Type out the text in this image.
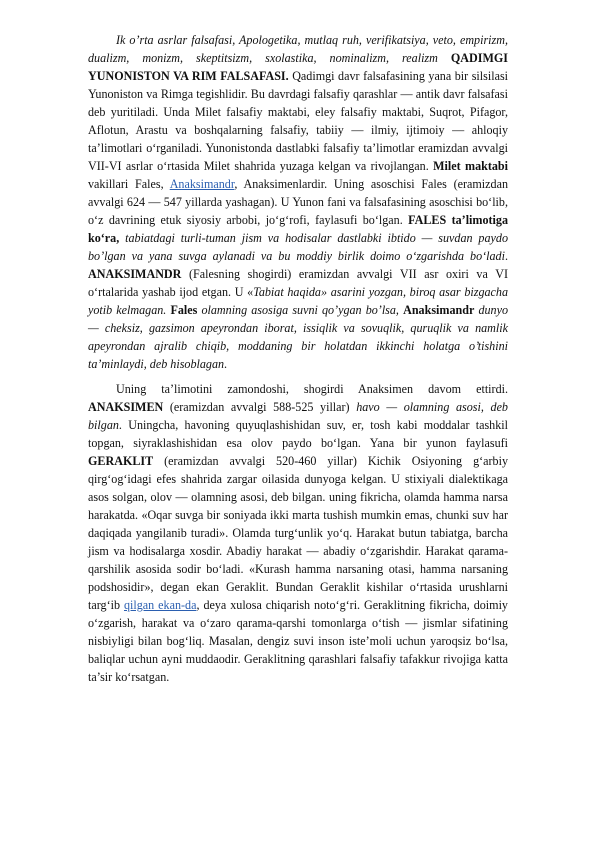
Ik o’rta asrlar falsafasi, Apologetika, mutlaq ruh, verifikatsiya, veto, empirizm, dualizm, monizm, skeptitsizm, sxolastika, nominalizm, realizm QADIMGI YUNONISTON VA RIM FALSAFASI. Qadimgi davr falsafasining yana bir silsilasi Yunoniston va Rimga tegishlidir. Bu davrdagi falsafiy qarashlar — antik davr falsafasi deb yuritiladi. Unda Milet falsafiy maktabi, eley falsafiy maktabi, Suqrot, Pifagor, Aflotun, Arastu va boshqalarning falsafiy, tabiiy — ilmiy, ijtimoiy — ahloqiy ta’limotlari o‘rganiladi. Yunonistonda dastlabki falsafiy ta’limotlar eramizdan avvalgi VII-VI asrlar o‘rtasida Milet shahrida yuzaga kelgan va rivojlangan. Milet maktabi vakillari Fales, Anaksimandr, Anaksimenlardir. Uning asoschisi Fales (eramizdan avvalgi 624 — 547 yillarda yashagan). U Yunon fani va falsafasining asoschisi bo‘lib, o‘z davrining etuk siyosiy arbobi, jo‘g‘rofi, faylasufi bo‘lgan. FALES ta’limotiga ko‘ra, tabiatdagi turli-tuman jism va hodisalar dastlabki ibtido — suvdan paydo bo’lgan va yana suvga aylanadi va bu moddiy birlik doimo o‘zgarishda bo‘ladi. ANAKSIMANDR (Falesning shogirdi) eramizdan avvalgi VII asr oxiri va VI o‘rtalarida yashab ijod etgan. U «Tabiat haqida» asarini yozgan, biroq asar bizgacha yotib kelmagan. Fales olamning asosiga suvni qo’ygan bo’lsa, Anaksimandr dunyo — cheksiz, gazsimon apeyrondan iborat, issiqlik va sovuqlik, quruqlik va namlik apeyrondan ajralib chiqib, moddaning bir holatdan ikkinchi holatga o’tishini ta’minlaydi, deb hisoblagan.

Uning ta’limotini zamondoshi, shogirdi Anaksimen davom ettirdi. ANAKSIMEN (eramizdan avvalgi 588-525 yillar) havo — olamning asosi, deb bilgan. Uningcha, havoning quyuqlashishidan suv, er, tosh kabi moddalar tashkil topgan, siyraklashishidan esa olov paydo bo‘lgan. Yana bir yunon faylasufi GERAKLIT (eramizdan avvalgi 520-460 yillar) Kichik Osiyoning g‘arbiy qirg‘og‘idagi efes shahrida zargar oilasida dunyoga kelgan. U stixiyali dialektikaga asos solgan, olov — olamning asosi, deb bilgan. uning fikricha, olamda hamma narsa harakatda. «Oqar suvga bir soniyada ikki marta tushish mumkin emas, chunki suv har daqiqada yangilanib turadi». Olamda turg‘unlik yo‘q. Harakat butun tabiatga, barcha jism va hodisalarga xosdir. Abadiy harakat — abadiy o‘zgarishdir. Harakat qarama-qarshilik asosida sodir bo‘ladi. «Kurash hamma narsaning otasi, hamma narsaning podshosidir», degan ekan Geraklit. Bundan Geraklit kishilar o‘rtasida urushlarni targ‘ib qilgan ekan-da, deya xulosa chiqarish noto‘g‘ri. Geraklitning fikricha, doimiy o‘zgarish, harakat va o‘zaro qarama-qarshi tomonlarga o‘tish — jismlar sifatining nisbiyligi bilan bog‘liq. Masalan, dengiz suvi inson iste’moli uchun yaroqsiz bo‘lsa, baliqlar uchun ayni muddaodir. Geraklitning qarashlari falsafiy tafakkur rivojiga katta ta’sir ko‘rsatgan.
